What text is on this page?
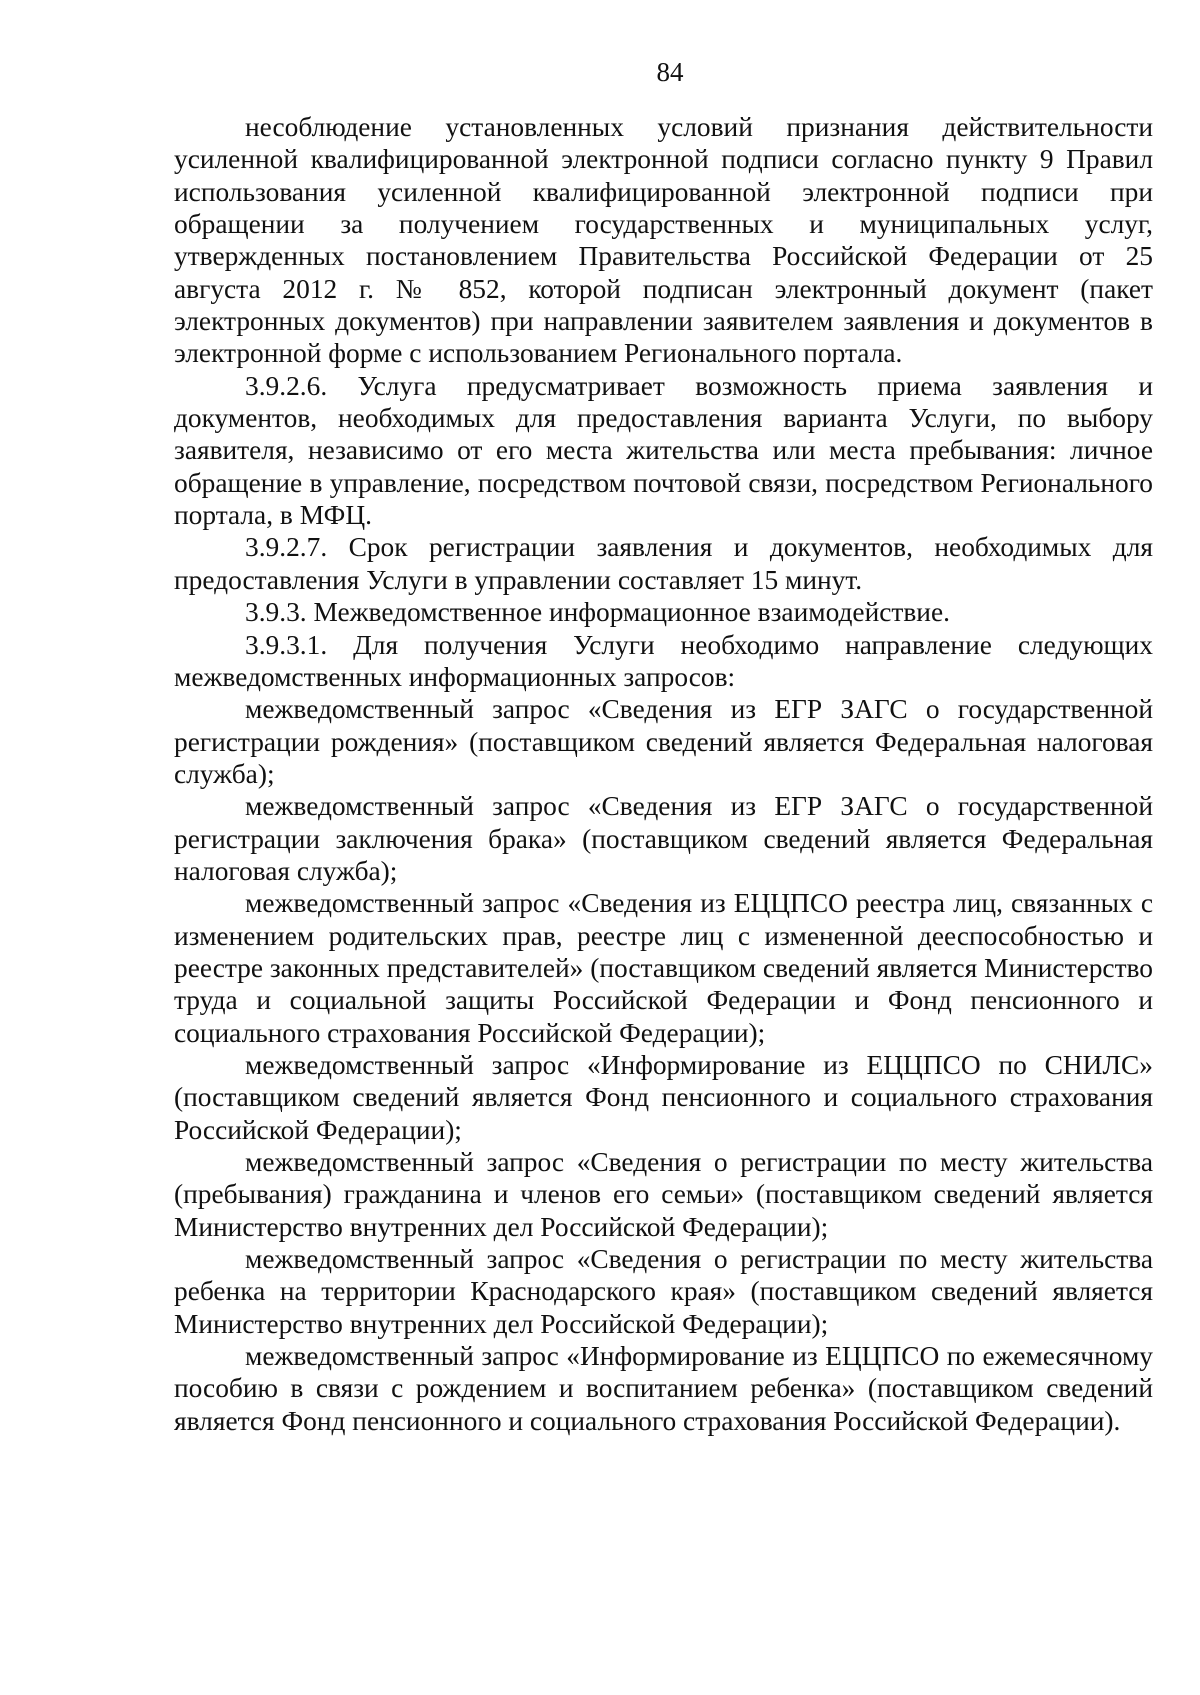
84

несоблюдение установленных условий признания действительности усиленной квалифицированной электронной подписи согласно пункту 9 Правил использования усиленной квалифицированной электронной подписи при обращении за получением государственных и муниципальных услуг, утвержденных постановлением Правительства Российской Федерации от 25 августа 2012 г. № 852, которой подписан электронный документ (пакет электронных документов) при направлении заявителем заявления и документов в электронной форме с использованием Регионального портала.

3.9.2.6. Услуга предусматривает возможность приема заявления и документов, необходимых для предоставления варианта Услуги, по выбору заявителя, независимо от его места жительства или места пребывания: личное обращение в управление, посредством почтовой связи, посредством Регионального портала, в МФЦ.

3.9.2.7. Срок регистрации заявления и документов, необходимых для предоставления Услуги в управлении составляет 15 минут.

3.9.3. Межведомственное информационное взаимодействие.

3.9.3.1. Для получения Услуги необходимо направление следующих межведомственных информационных запросов:

межведомственный запрос «Сведения из ЕГР ЗАГС о государственной регистрации рождения» (поставщиком сведений является Федеральная налоговая служба);

межведомственный запрос «Сведения из ЕГР ЗАГС о государственной регистрации заключения брака» (поставщиком сведений является Федеральная налоговая служба);

межведомственный запрос «Сведения из ЕЦЦПСО реестра лиц, связанных с изменением родительских прав, реестре лиц с измененной дееспособностью и реестре законных представителей» (поставщиком сведений является Министерство труда и социальной защиты Российской Федерации и Фонд пенсионного и социального страхования Российской Федерации);

межведомственный запрос «Информирование из ЕЦЦПСО по СНИЛС» (поставщиком сведений является Фонд пенсионного и социального страхования Российской Федерации);

межведомственный запрос «Сведения о регистрации по месту жительства (пребывания) гражданина и членов его семьи» (поставщиком сведений является Министерство внутренних дел Российской Федерации);

межведомственный запрос «Сведения о регистрации по месту жительства ребенка на территории Краснодарского края» (поставщиком сведений является Министерство внутренних дел Российской Федерации);

межведомственный запрос «Информирование из ЕЦЦПСО по ежемесячному пособию в связи с рождением и воспитанием ребенка» (поставщиком сведений является Фонд пенсионного и социального страхования Российской Федерации).
